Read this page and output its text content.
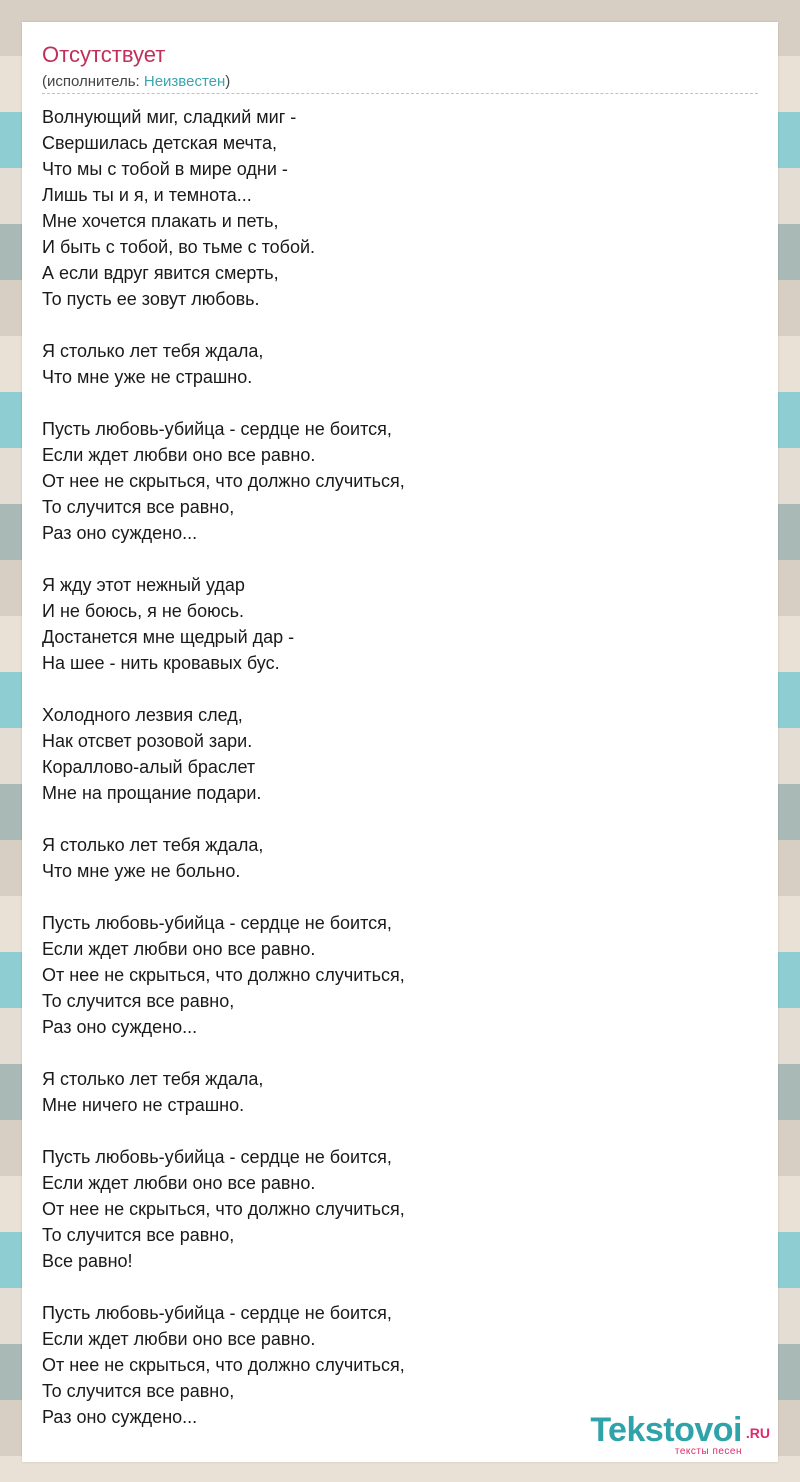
Отсутствует
(исполнитель: Неизвестен)
Волнующий миг, сладкий миг -
Свершилась детская мечта,
Что мы с тобой в мире одни -
Лишь ты и я, и темнота...
Мне хочется плакать и петь,
И быть с тобой, во тьме с тобой.
А если вдруг явится смерть,
То пусть ее зовут любовь.
Я столько лет тебя ждала,
Что мне уже не страшно.
Пусть любовь-убийца - сердце не боится,
Если ждет любви оно все равно.
От нее не скрыться, что должно случиться,
То случится все равно,
Раз оно суждено...
Я жду этот нежный удар
И не боюсь, я не боюсь.
Достанется мне щедрый дар -
На шее - нить кровавых бус.
Холодного лезвия след,
Нак отсвет розовой зари.
Кораллово-алый браслет
Мне на прощание подари.
Я столько лет тебя ждала,
Что мне уже не больно.
Пусть любовь-убийца - сердце не боится,
Если ждет любви оно все равно.
От нее не скрыться, что должно случиться,
То случится все равно,
Раз оно суждено...
Я столько лет тебя ждала,
Мне ничего не страшно.
Пусть любовь-убийца - сердце не боится,
Если ждет любви оно все равно.
От нее не скрыться, что должно случиться,
То случится все равно,
Все равно!
Пусть любовь-убийца - сердце не боится,
Если ждет любви оно все равно.
От нее не скрыться, что должно случиться,
То случится все равно,
Раз оно суждено...	Tekstovoi .RU
тексты песен
